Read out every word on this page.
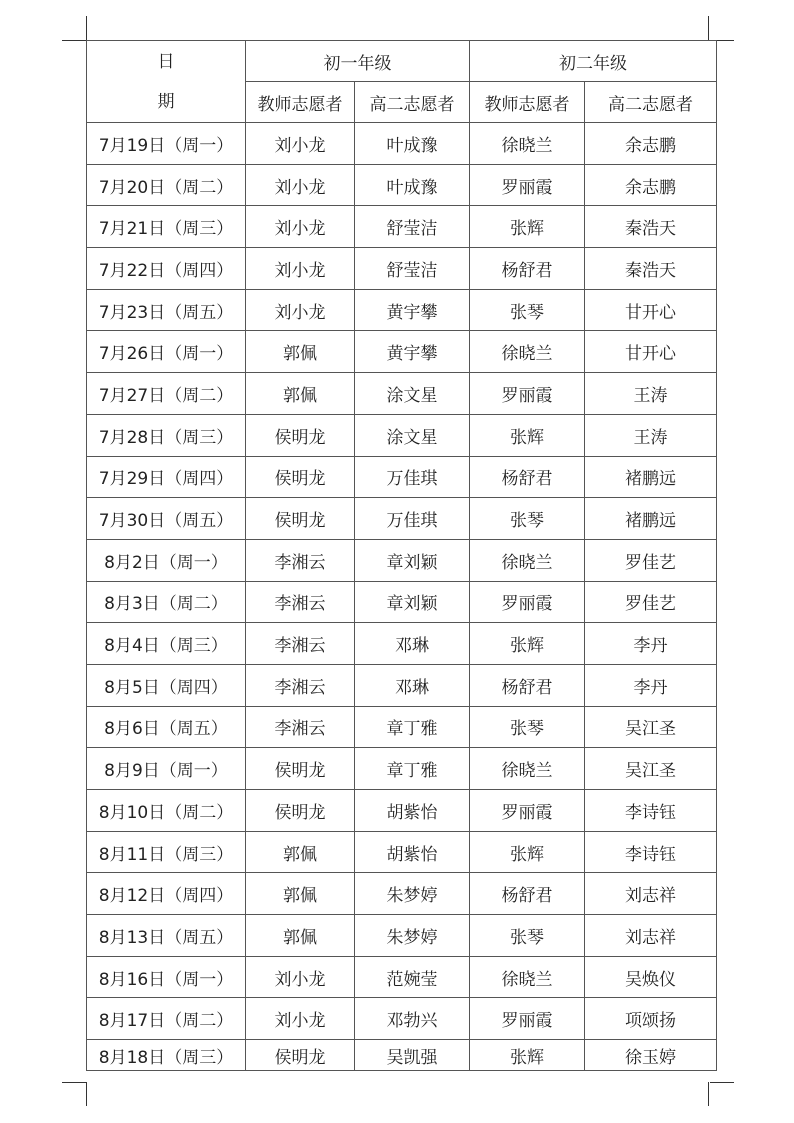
日
期	初一年级		初二年级	
	教师志愿者	高二志愿者	教师志愿者	高二志愿者
7月19日（周一）	刘小龙	叶成豫	徐晓兰	余志鹏
7月20日（周二）	刘小龙	叶成豫	罗丽霞	余志鹏
7月21日（周三）	刘小龙	舒莹洁	张辉	秦浩天
7月22日（周四）	刘小龙	舒莹洁	杨舒君	秦浩天
7月23日（周五）	刘小龙	黄宇攀	张琴	甘开心
7月26日（周一）	郭佩	黄宇攀	徐晓兰	甘开心
7月27日（周二）	郭佩	涂文星	罗丽霞	王涛
7月28日（周三）	侯明龙	涂文星	张辉	王涛
7月29日（周四）	侯明龙	万佳琪	杨舒君	褚鹏远
7月30日（周五）	侯明龙	万佳琪	张琴	褚鹏远
8月2日（周一）	李湘云	章刘颖	徐晓兰	罗佳艺
8月3日（周二）	李湘云	章刘颖	罗丽霞	罗佳艺
8月4日（周三）	李湘云	邓琳	张辉	李丹
8月5日（周四）	李湘云	邓琳	杨舒君	李丹
8月6日（周五）	李湘云	章丁雅	张琴	吴江圣
8月9日（周一）	侯明龙	章丁雅	徐晓兰	吴江圣
8月10日（周二）	侯明龙	胡紫怡	罗丽霞	李诗钰
8月11日（周三）	郭佩	胡紫怡	张辉	李诗钰
8月12日（周四）	郭佩	朱梦婷	杨舒君	刘志祥
8月13日（周五）	郭佩	朱梦婷	张琴	刘志祥
8月16日（周一）	刘小龙	范婉莹	徐晓兰	吴焕仪
8月17日（周二）	刘小龙	邓勃兴	罗丽霞	项颂扬
8月18日（周三）	侯明龙	吴凯强	张辉	徐玉婷
